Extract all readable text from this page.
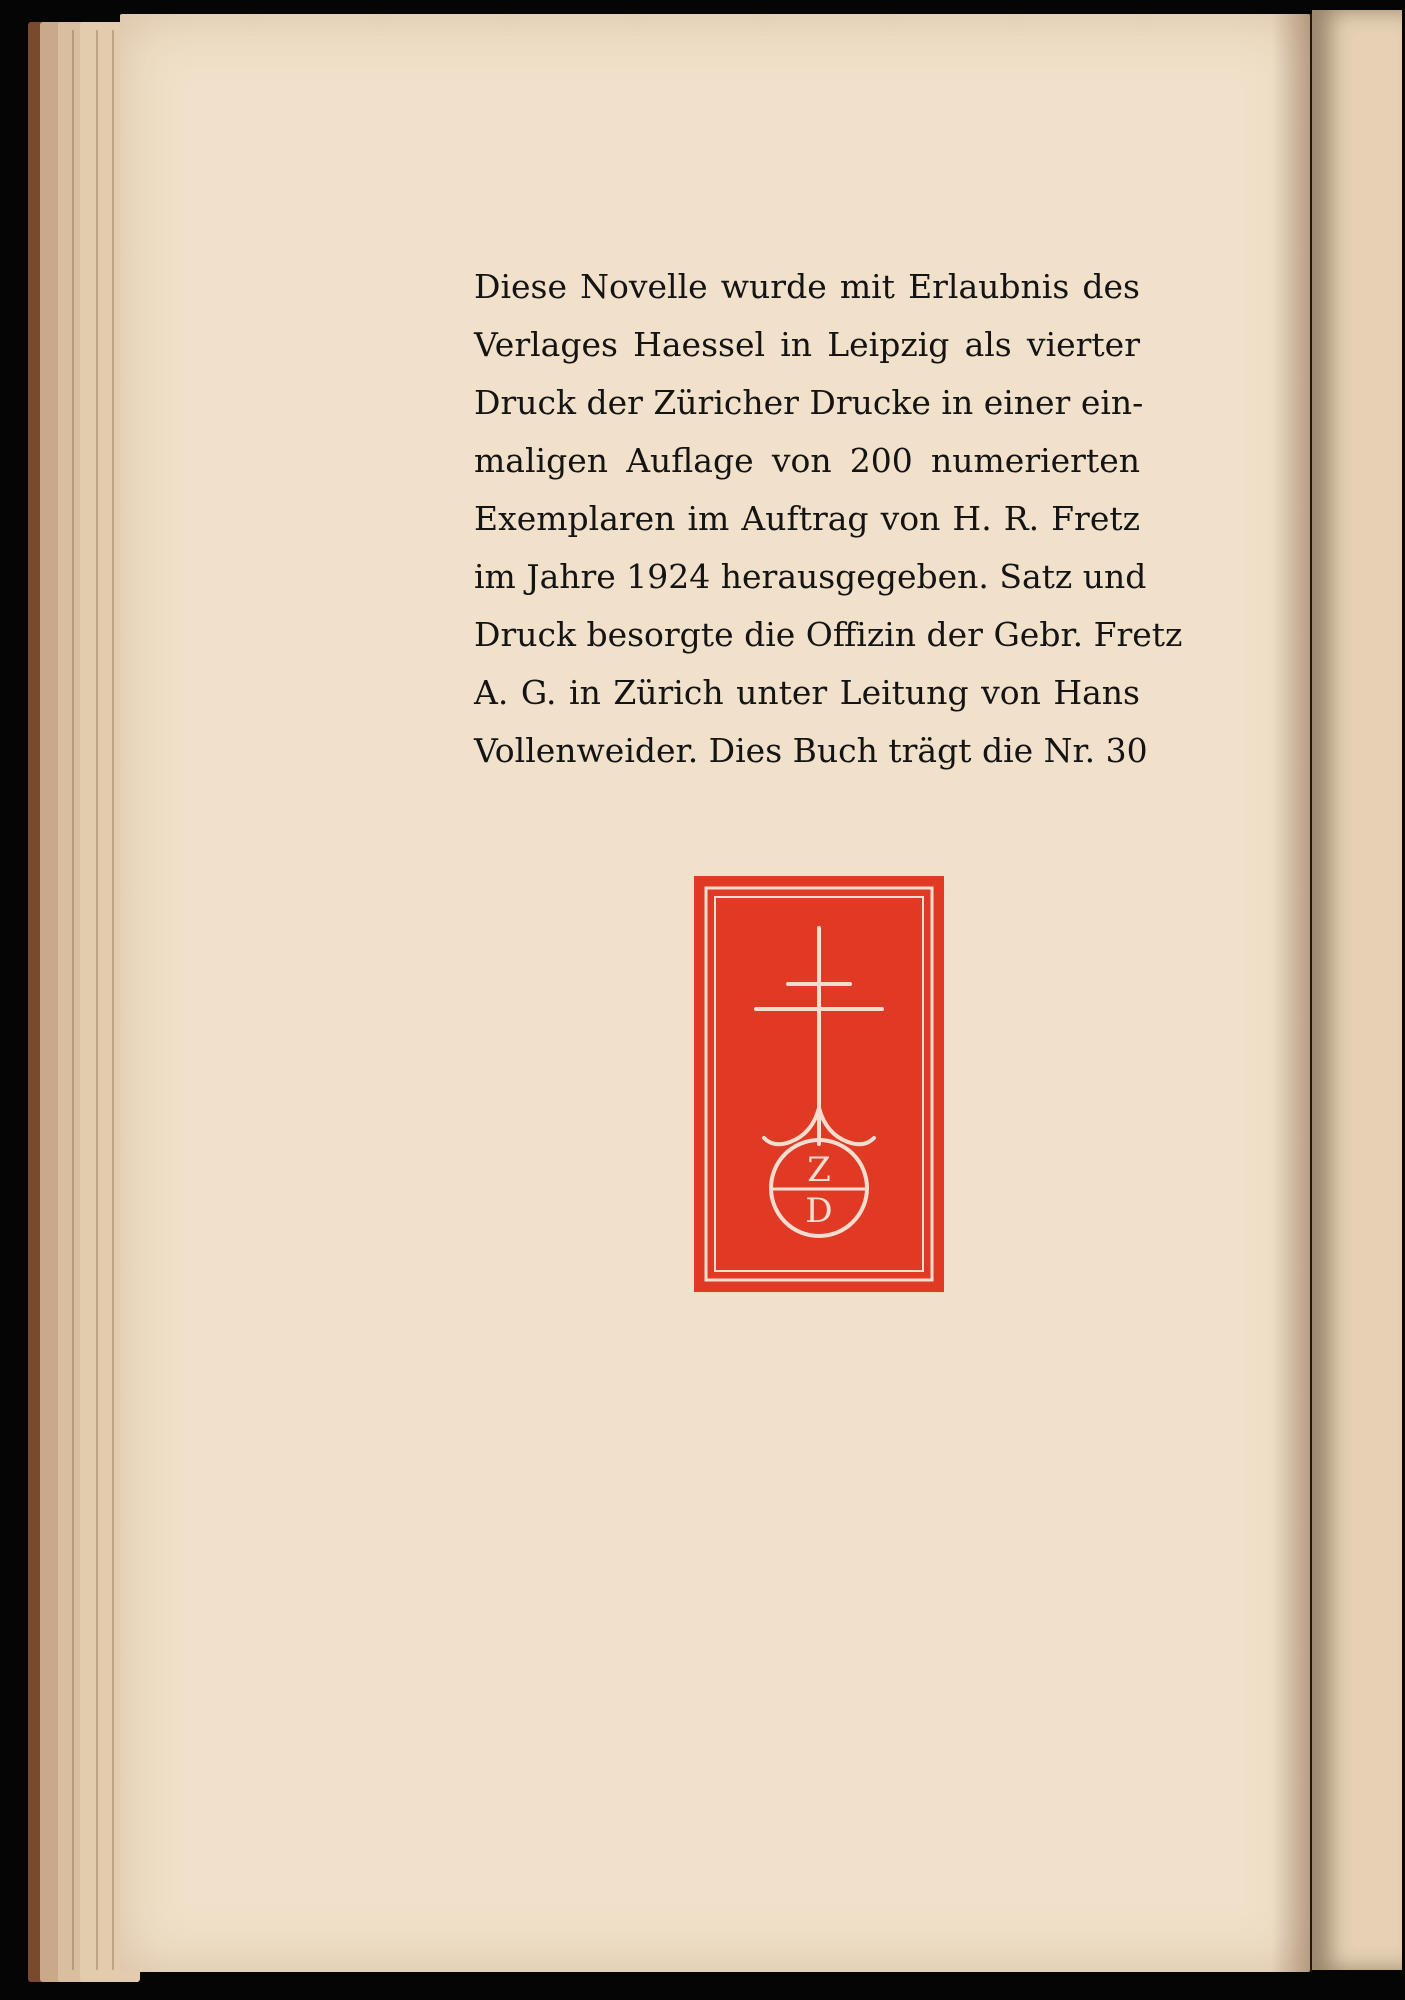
Diese Novelle wurde mit Erlaubnis des
Verlages Haessel in Leipzig als vierter
Druck der Züricher Drucke in einer ein-
maligen Auflage von 200 numerierten
Exemplaren im Auftrag von H. R. Fretz
im Jahre 1924 herausgegeben. Satz und
Druck besorgte die Offizin der Gebr. Fretz
A. G. in Zürich unter Leitung von Hans
Vollenweider. Dies Buch trägt die Nr. 30
Z
D
